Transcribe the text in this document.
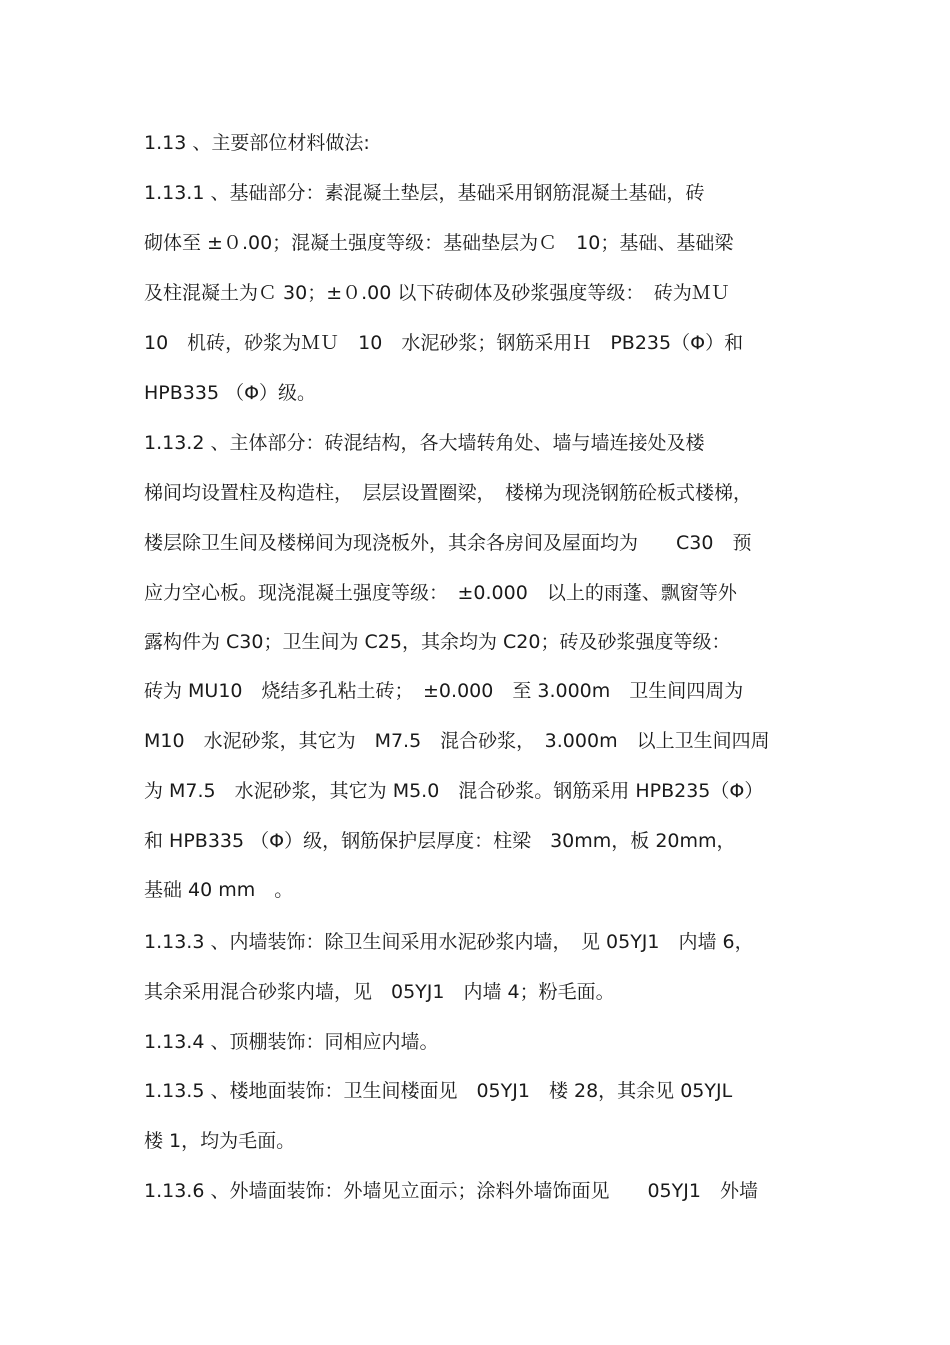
1.13 、主要部位材料做法:

1.13.1 、基础部分：素混凝土垫层，基础采用钢筋混凝土基础，砖

砌体至 ±０.00；混凝土强度等级：基础垫层为Ｃ　10；基础、基础梁

及柱混凝土为Ｃ 30；±０.00 以下砖砌体及砂浆强度等级：　砖为ＭＵ

10　机砖，砂浆为ＭＵ　10　水泥砂浆；钢筋采用Ｈ　PB235（Φ）和

HPB335 （Φ）级。

1.13.2 、主体部分：砖混结构，各大墙转角处、墙与墙连接处及楼

梯间均设置柱及构造柱，　层层设置圈梁，　楼梯为现浇钢筋砼板式楼梯，

楼层除卫生间及楼梯间为现浇板外，其余各房间及屋面均为　　C30　预

应力空心板。现浇混凝土强度等级：　±0.000　以上的雨蓬、飘窗等外

露构件为 C30；卫生间为 C25，其余均为 C20；砖及砂浆强度等级：

砖为 MU10　烧结多孔粘土砖；　±0.000　至 3.000m　卫生间四周为

M10　水泥砂浆，其它为　M7.5　混合砂浆，　3.000m　以上卫生间四周

为 M7.5　水泥砂浆，其它为 M5.0　混合砂浆。钢筋采用 HPB235（Φ）

和 HPB335 （Φ）级，钢筋保护层厚度：柱梁　30mm，板 20mm，

基础 40 mm　。

1.13.3 、内墙装饰：除卫生间采用水泥砂浆内墙，　见 05YJ1　内墙 6，

其余采用混合砂浆内墙，见　05YJ1　内墙 4；粉毛面。

1.13.4 、顶棚装饰：同相应内墙。

1.13.5 、楼地面装饰：卫生间楼面见　05YJ1　楼 28，其余见 05YJL

楼 1，均为毛面。

1.13.6 、外墙面装饰：外墙见立面示；涂料外墙饰面见　　05YJ1　外墙
